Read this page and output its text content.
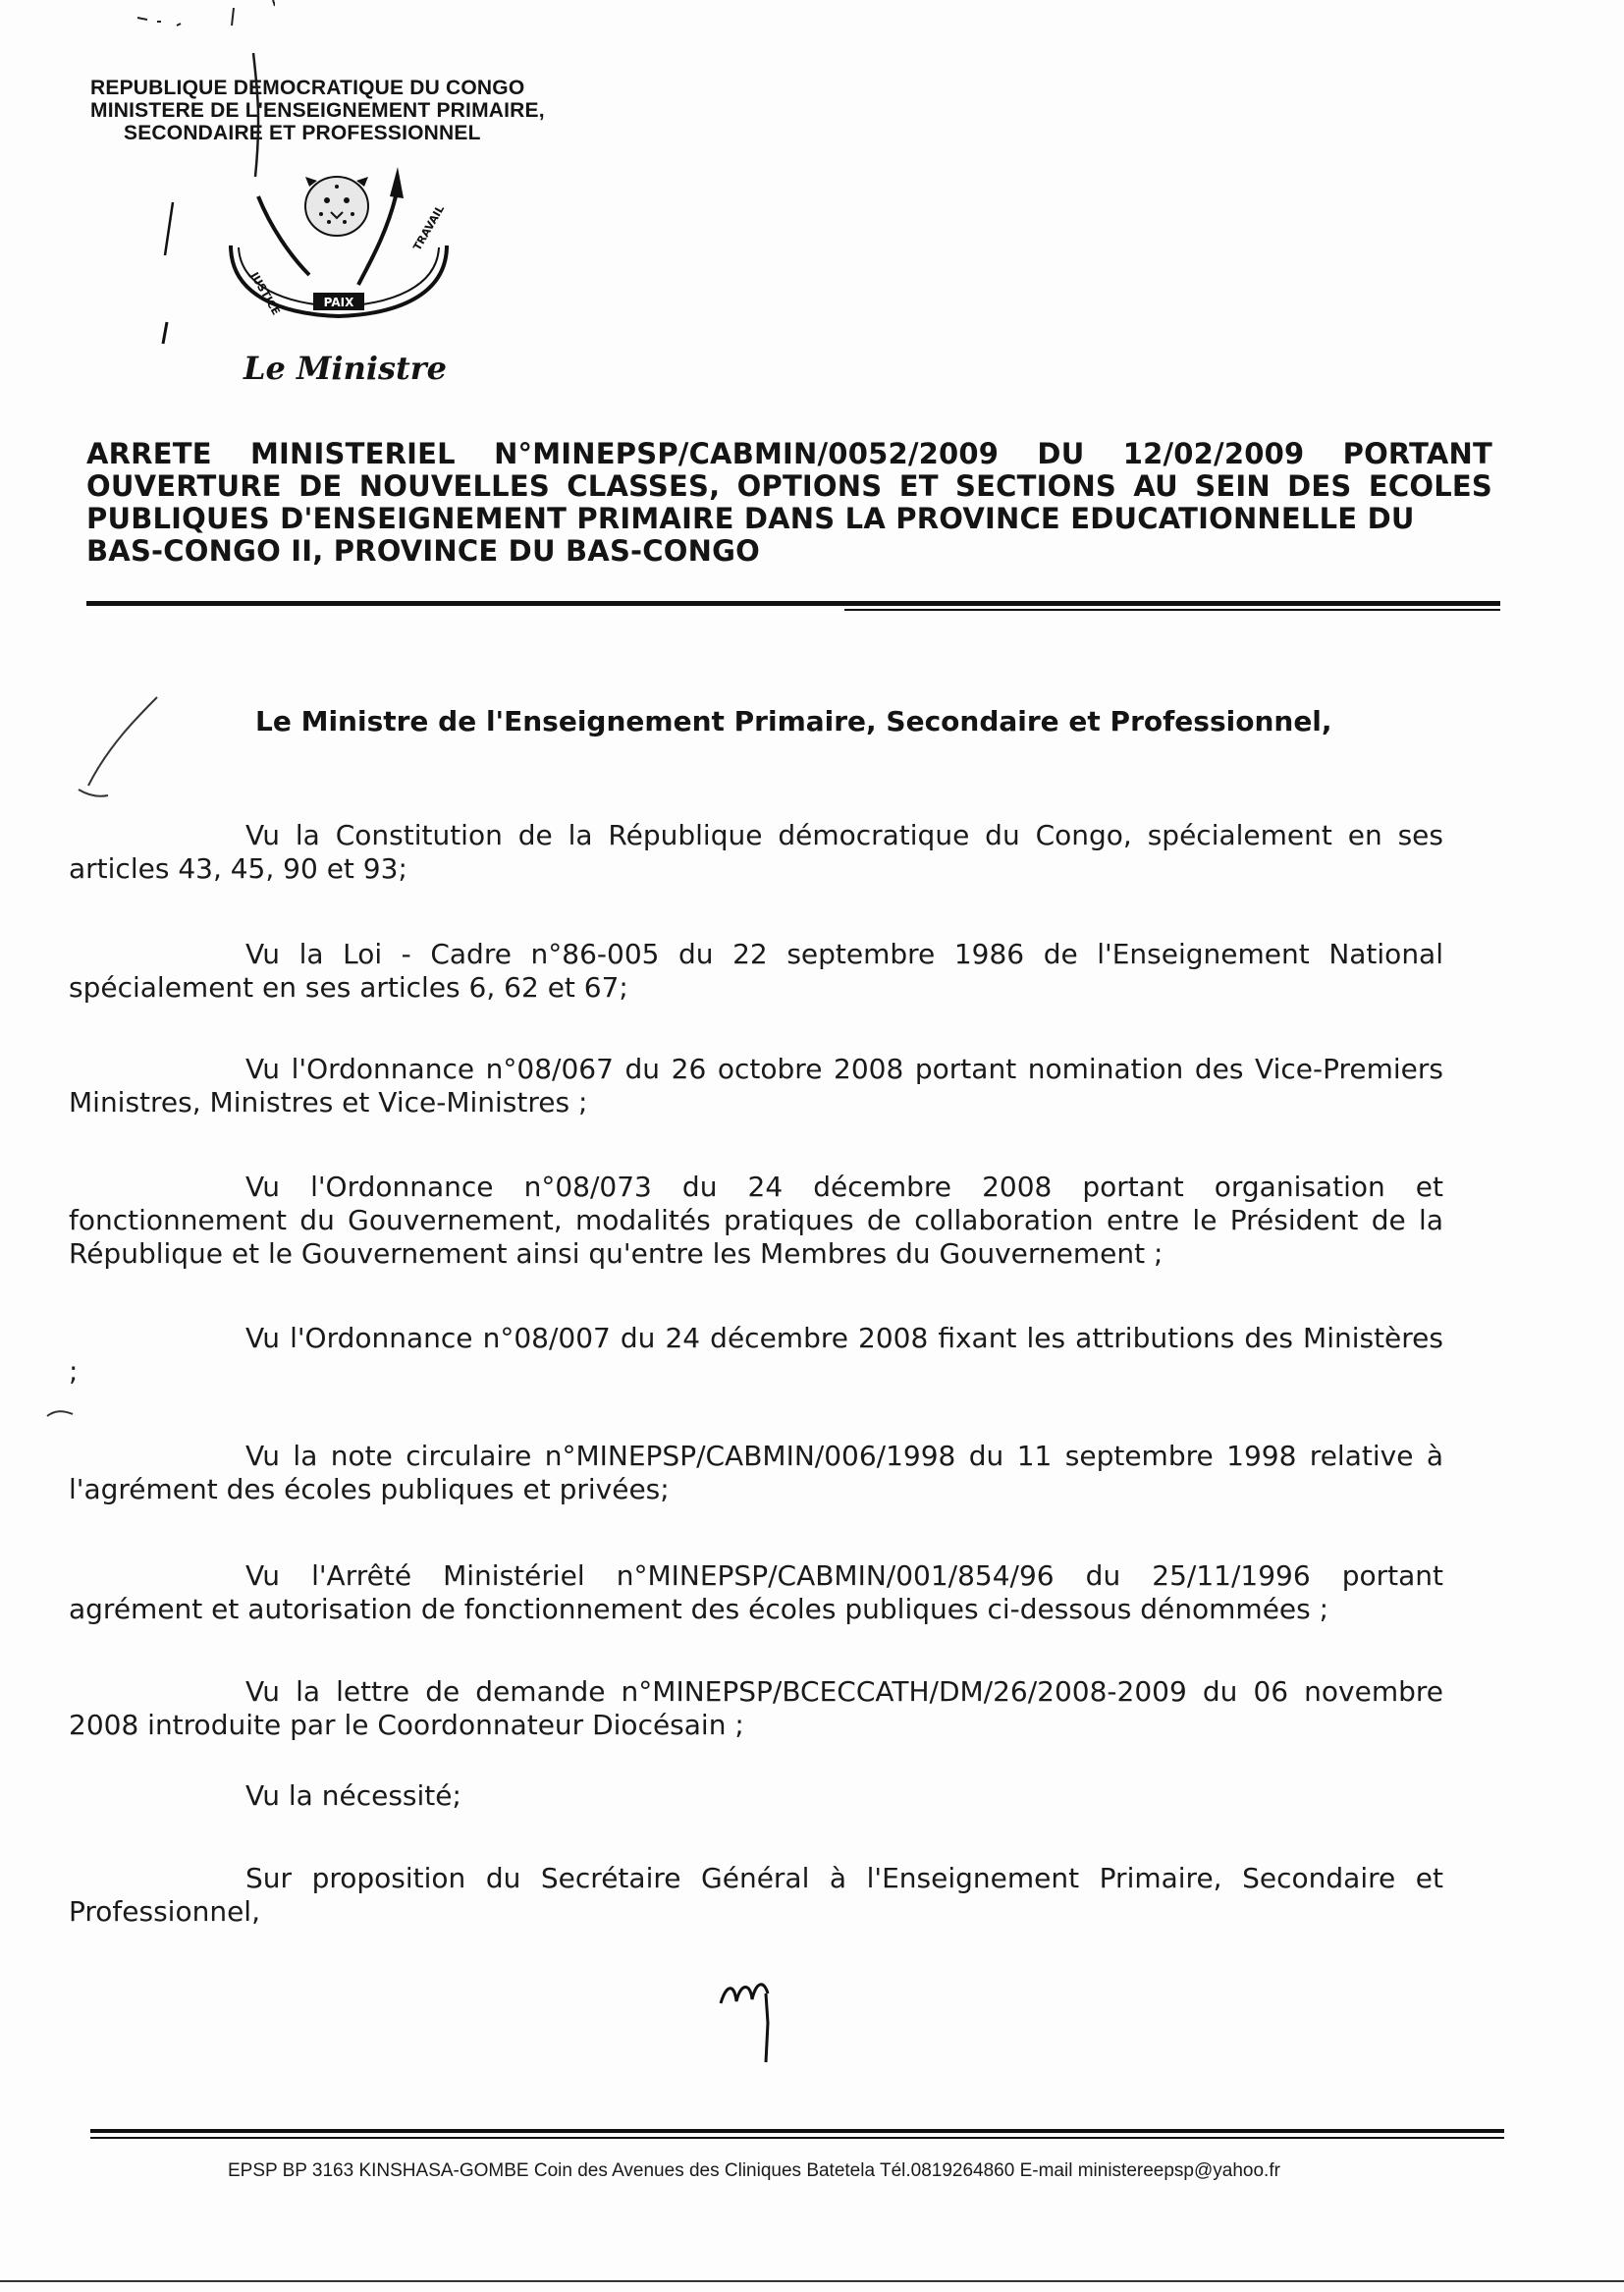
REPUBLIQUE DEMOCRATIQUE DU CONGO
MINISTERE DE L'ENSEIGNEMENT PRIMAIRE,
SECONDAIRE ET PROFESSIONNEL
PAIX
JUSTICE
TRAVAIL
Le Ministre
ARRETE MINISTERIEL N°MINEPSP/CABMIN/0052/2009 DU 12/02/2009 PORTANT OUVERTURE DE NOUVELLES CLASSES, OPTIONS ET SECTIONS AU SEIN DES ECOLES PUBLIQUES D'ENSEIGNEMENT PRIMAIRE DANS LA PROVINCE EDUCATIONNELLE DU
BAS-CONGO II, PROVINCE DU BAS-CONGO
Le Ministre de l'Enseignement Primaire, Secondaire et Professionnel,
Vu la Constitution de la République démocratique du Congo, spécialement en ses articles 43, 45, 90 et 93;
Vu la Loi - Cadre n°86-005 du 22 septembre 1986 de l'Enseignement National spécialement en ses articles 6, 62 et 67;
Vu l'Ordonnance n°08/067 du 26 octobre 2008 portant nomination des Vice-Premiers Ministres, Ministres et Vice-Ministres ;
Vu l'Ordonnance n°08/073 du 24 décembre 2008 portant organisation et fonctionnement du Gouvernement, modalités pratiques de collaboration entre le Président de la République et le Gouvernement ainsi qu'entre les Membres du Gouvernement ;
Vu l'Ordonnance n°08/007 du 24 décembre 2008 fixant les attributions des Ministères ;
Vu la note circulaire n°MINEPSP/CABMIN/006/1998 du 11 septembre 1998 relative à l'agrément des écoles publiques et privées;
Vu l'Arrêté Ministériel n°MINEPSP/CABMIN/001/854/96 du 25/11/1996 portant agrément et autorisation de fonctionnement des écoles publiques ci-dessous dénommées ;
Vu la lettre de demande n°MINEPSP/BCECCATH/DM/26/2008-2009 du 06 novembre 2008 introduite par le Coordonnateur Diocésain ;
Vu la nécessité;
Sur proposition du Secrétaire Général à l'Enseignement Primaire, Secondaire et Professionnel,
EPSP BP 3163 KINSHASA-GOMBE Coin des Avenues des Cliniques Batetela Tél.0819264860 E-mail ministereepsp@yahoo.fr
